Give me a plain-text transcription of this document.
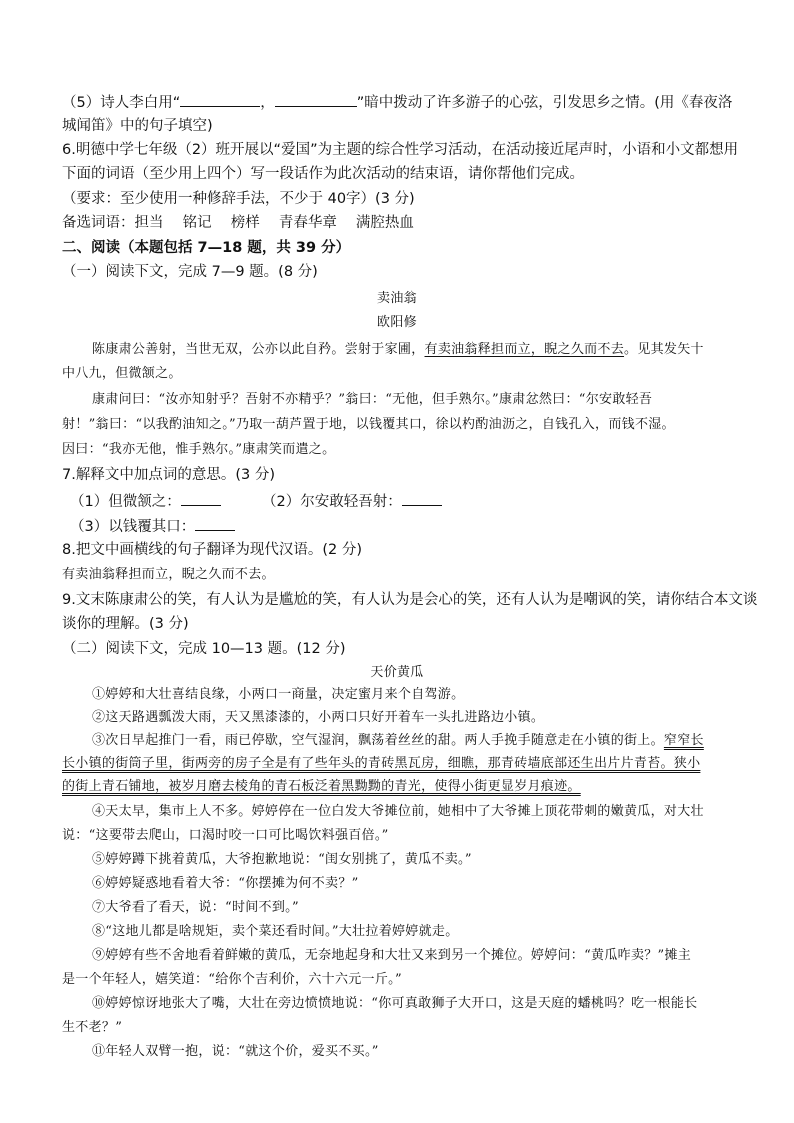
（5）诗人李白用“	，	”暗中拨动了许多游子的心弦，引发思乡之情。(用《春夜洛
城闻笛》中的句子填空)
6.明德中学七年级（2）班开展以“爱国”为主题的综合性学习活动，在活动接近尾声时，小语和小文都想用
下面的词语（至少用上四个）写一段话作为此次活动的结束语，请你帮他们完成。
（要求：至少使用一种修辞手法，不少于 40字）(3 分)
备选词语：担当　 铭记　 榜样　 青春华章　 满腔热血
二、阅读（本题包括 7—18 题，共 39 分）
（一）阅读下文，完成 7—9 题。(8 分)
卖油翁
欧阳修
陈康肃公善射，当世无双，公亦以此自矜。尝射于家圃，有卖油翁释担而立，睨之久而不去。见其发矢十
中八九，但微颔之。
康肃问曰：“汝亦知射乎？吾射不亦精乎？”翁曰：“无他，但手熟尔。”康肃忿然曰：“尔安敢轻吾
射！”翁曰：“以我酌油知之。”乃取一葫芦置于地，以钱覆其口，徐以杓酌油沥之，自钱孔入，而钱不湿。
因曰：“我亦无他，惟手熟尔。”康肃笑而遣之。
7.解释文中加点词的意思。(3 分)
（1）但微颔之：	（2）尔安敢轻吾射：
（3）以钱覆其口：
8.把文中画横线的句子翻译为现代汉语。(2 分)
有卖油翁释担而立，睨之久而不去。
9.文末陈康肃公的笑，有人认为是尴尬的笑，有人认为是会心的笑，还有人认为是嘲讽的笑，请你结合本文谈
谈你的理解。(3 分)
（二）阅读下文，完成 10—13 题。(12 分)
天价黄瓜
①婷婷和大壮喜结良缘，小两口一商量，决定蜜月来个自驾游。
②这天路遇瓢泼大雨，天又黑漆漆的，小两口只好开着车一头扎进路边小镇。
③次日早起推门一看，雨已停歇，空气湿润，飘荡着丝丝的甜。两人手挽手随意走在小镇的街上。窄窄长
长小镇的街筒子里，街两旁的房子全是有了些年头的青砖黑瓦房，细瞧，那青砖墙底部还生出片片青苔。狭小
的街上青石铺地，被岁月磨去棱角的青石板泛着黑黝黝的青光，使得小街更显岁月痕迹。
④天太早，集市上人不多。婷婷停在一位白发大爷摊位前，她相中了大爷摊上顶花带刺的嫩黄瓜，对大壮
说：“这要带去爬山，口渴时咬一口可比喝饮料强百倍。”
⑤婷婷蹲下挑着黄瓜，大爷抱歉地说：“闺女别挑了，黄瓜不卖。”
⑥婷婷疑惑地看着大爷：“你摆摊为何不卖？”
⑦大爷看了看天，说：“时间不到。”
⑧“这地儿都是啥规矩，卖个菜还看时间。”大壮拉着婷婷就走。
⑨婷婷有些不舍地看着鲜嫩的黄瓜，无奈地起身和大壮又来到另一个摊位。婷婷问：“黄瓜咋卖？”摊主
是一个年轻人，嬉笑道：“给你个吉利价，六十六元一斤。”
⑩婷婷惊讶地张大了嘴，大壮在旁边愤愤地说：“你可真敢狮子大开口，这是天庭的蟠桃吗？吃一根能长
生不老？”
⑪年轻人双臂一抱，说：“就这个价，爱买不买。”
